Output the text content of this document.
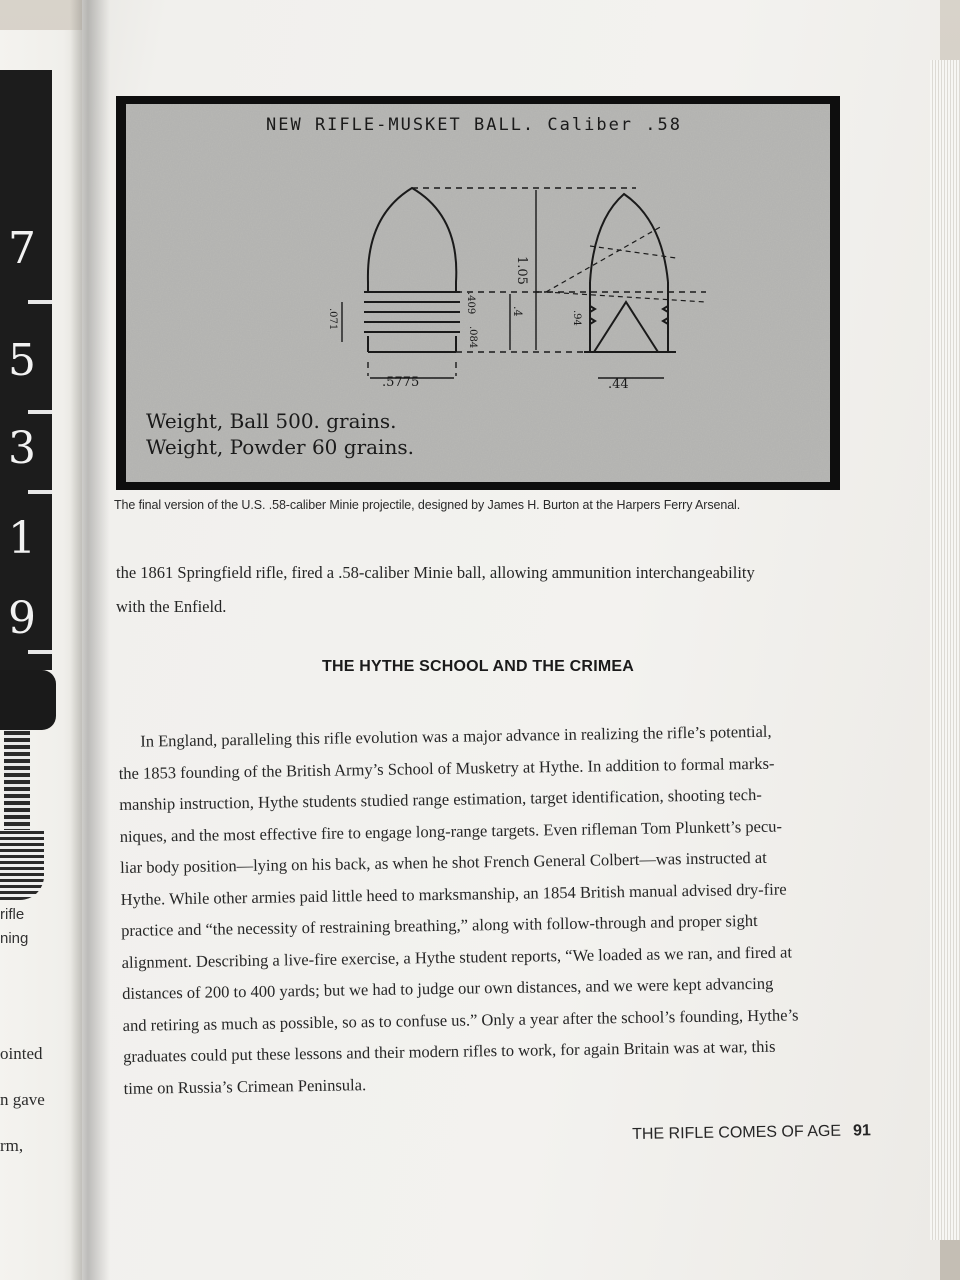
7
5
3
1
9
rifle
ning
ointed
n gave
rm,
NEW RIFLE-MUSKET BALL. Caliber .58
.5775	.44
1.05
.4
.071
.409
.084
.94
Weight, Ball 500. grains.
Weight, Powder 60 grains.
The final version of the U.S. .58-caliber Minie projectile, designed by James H. Burton at the Harpers Ferry Arsenal.
the 1861 Springfield rifle, fired a .58-caliber Minie ball, allowing ammunition interchangeability
with the Enfield.
THE HYTHE SCHOOL AND THE CRIMEA
In England, paralleling this rifle evolution was a major advance in realizing the rifle’s potential,
the 1853 founding of the British Army’s School of Musketry at Hythe. In addition to formal marks-
manship instruction, Hythe students studied range estimation, target identification, shooting tech-
niques, and the most effective fire to engage long-range targets. Even rifleman Tom Plunkett’s pecu-
liar body position—lying on his back, as when he shot French General Colbert—was instructed at
Hythe. While other armies paid little heed to marksmanship, an 1854 British manual advised dry-fire
practice and “the necessity of restraining breathing,” along with follow-through and proper sight
alignment. Describing a live-fire exercise, a Hythe student reports, “We loaded as we ran, and fired at
distances of 200 to 400 yards; but we had to judge our own distances, and we were kept advancing
and retiring as much as possible, so as to confuse us.” Only a year after the school’s founding, Hythe’s
graduates could put these lessons and their modern rifles to work, for again Britain was at war, this
time on Russia’s Crimean Peninsula.
THE RIFLE COMES OF AGE 91
